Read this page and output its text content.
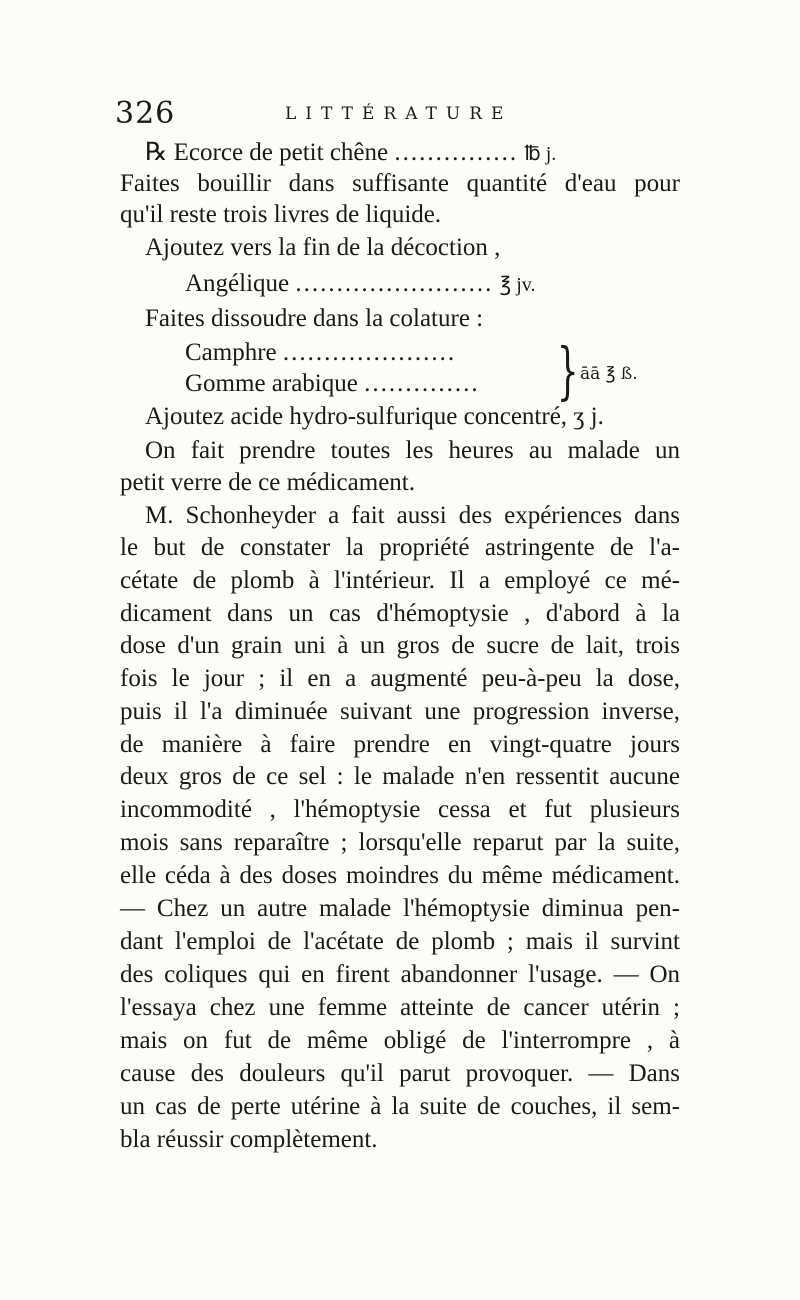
326	LITTÉRATURE
℞ Ecorce de petit chêne ............... ℔ j.
Faites bouillir dans suffisante quantité d'eau pour
qu'il reste trois livres de liquide.
Ajoutez vers la fin de la décoction ,
Angélique ........................ ℥ jv.
Faites dissoudre dans la colature :
Camphre .....................
Gomme arabique .............. } āā ℥ ß.
Ajoutez acide hydro-sulfurique concentré, ʒ j.
On fait prendre toutes les heures au malade un
petit verre de ce médicament.
M. Schonheyder a fait aussi des expériences dans
le but de constater la propriété astringente de l'a-
cétate de plomb à l'intérieur. Il a employé ce mé-
dicament dans un cas d'hémoptysie , d'abord à la
dose d'un grain uni à un gros de sucre de lait, trois
fois le jour ; il en a augmenté peu-à-peu la dose,
puis il l'a diminuée suivant une progression inverse,
de manière à faire prendre en vingt-quatre jours
deux gros de ce sel : le malade n'en ressentit aucune
incommodité , l'hémoptysie cessa et fut plusieurs
mois sans reparaître ; lorsqu'elle reparut par la suite,
elle céda à des doses moindres du même médicament.
— Chez un autre malade l'hémoptysie diminua pen-
dant l'emploi de l'acétate de plomb ; mais il survint
des coliques qui en firent abandonner l'usage. — On
l'essaya chez une femme atteinte de cancer utérin ;
mais on fut de même obligé de l'interrompre , à
cause des douleurs qu'il parut provoquer. — Dans
un cas de perte utérine à la suite de couches, il sem-
bla réussir complètement.
